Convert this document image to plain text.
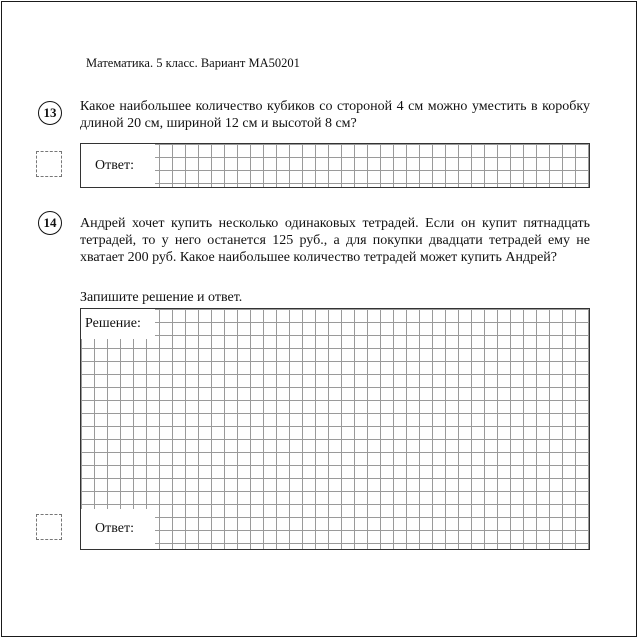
Математика. 5 класс. Вариант МА50201
13	Какое наибольшее количество кубиков со стороной 4 см можно уместить в коробку длиной 20 см, шириной 12 см и высотой 8 см?
Ответ:
14	Андрей хочет купить несколько одинаковых тетрадей. Если он купит пятнадцать тетрадей, то у него останется 125 руб., а для покупки двадцати тетрадей ему не хватает 200 руб. Какое наибольшее количество тетрадей может купить Андрей?
Запишите решение и ответ.
Решение:
Ответ:
